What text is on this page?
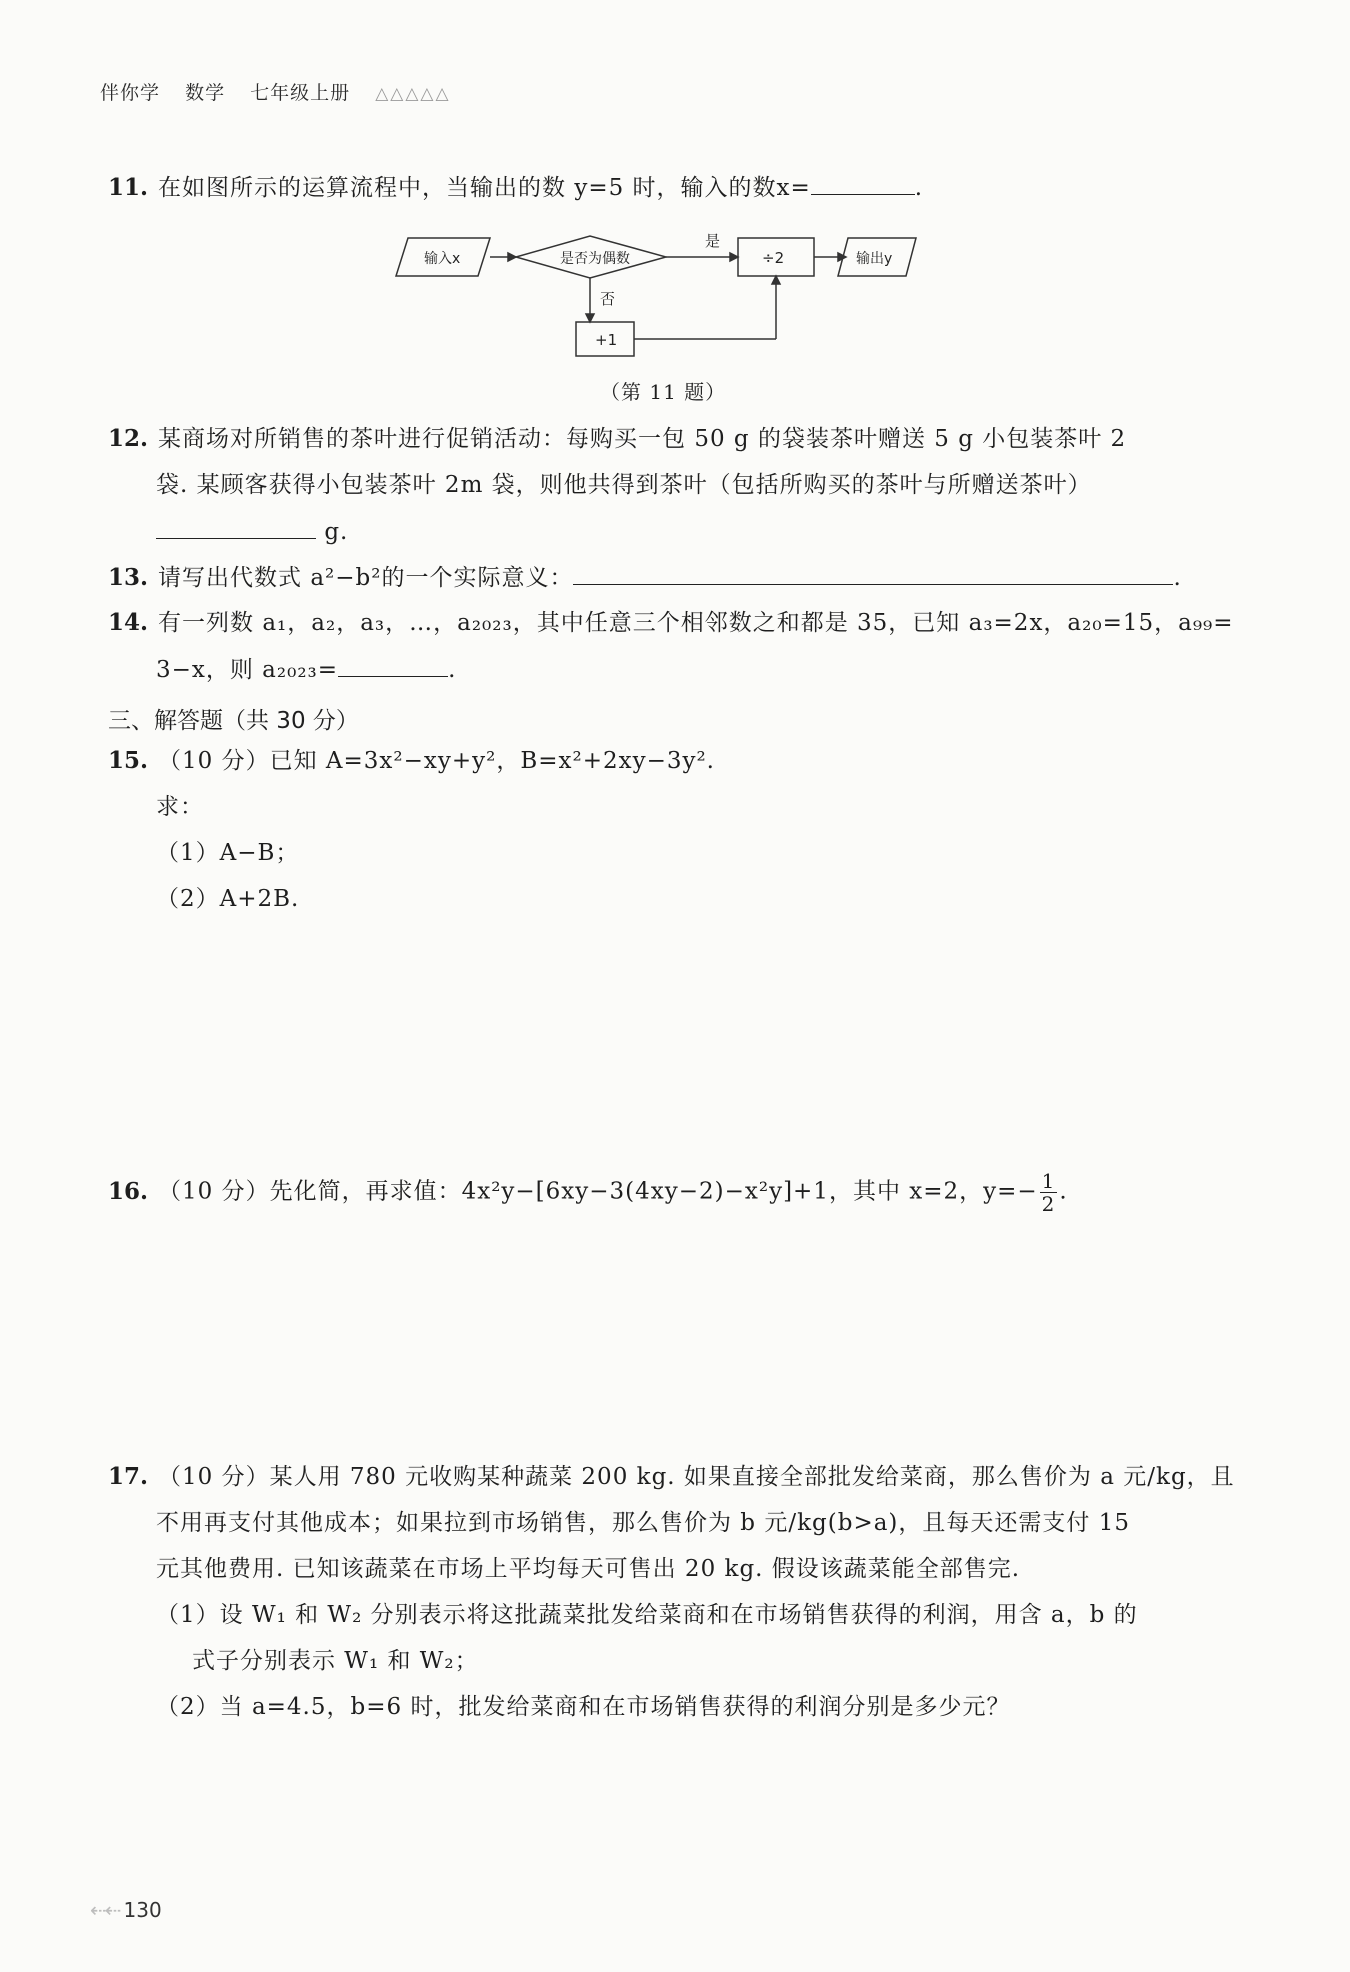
伴你学 数学 七年级上册 △△△△△
11. 在如图所示的运算流程中，当输出的数 y=5 时，输入的数x=	.
输入x	是否为偶数
是
否
÷2	输出y
+1
（第 11 题）
12. 某商场对所销售的茶叶进行促销活动：每购买一包 50 g 的袋装茶叶赠送 5 g 小包装茶叶 2
袋. 某顾客获得小包装茶叶 2m 袋，则他共得到茶叶（包括所购买的茶叶与所赠送茶叶）
g.
13. 请写出代数式 a²−b²的一个实际意义：	.
14. 有一列数 a₁，a₂，a₃，…，a₂₀₂₃，其中任意三个相邻数之和都是 35，已知 a₃=2x，a₂₀=15，a₉₉=
3−x，则 a₂₀₂₃=	.
三、解答题（共 30 分）
15. （10 分）已知 A=3x²−xy+y²，B=x²+2xy−3y².
求：
（1）A−B；
（2）A+2B.
16. （10 分）先化简，再求值：4x²y−[6xy−3(4xy−2)−x²y]+1，其中 x=2，$y=- \frac{1}{2}$ .
17. （10 分）某人用 780 元收购某种蔬菜 200 kg. 如果直接全部批发给菜商，那么售价为 a 元/kg，且
不用再支付其他成本；如果拉到市场销售，那么售价为 b 元/kg(b>a)，且每天还需支付 15
元其他费用. 已知该蔬菜在市场上平均每天可售出 20 kg. 假设该蔬菜能全部售完.
（1）设 W₁ 和 W₂ 分别表示将这批蔬菜批发给菜商和在市场销售获得的利润，用含 a，b 的
式子分别表示 W₁ 和 W₂；
（2）当 a=4.5，b=6 时，批发给菜商和在市场销售获得的利润分别是多少元？
⇠⇠ 130
